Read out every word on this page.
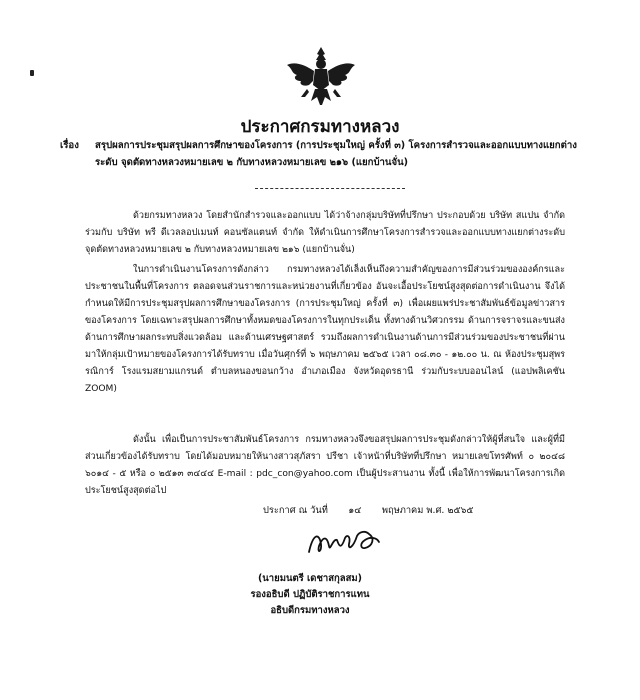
ประกาศกรมทางหลวง
เรื่อง สรุปผลการประชุมสรุปผลการศึกษาของโครงการ (การประชุมใหญ่ ครั้งที่ ๓) โครงการสำรวจและออกแบบทางแยกต่างระดับ จุดตัดทางหลวงหมายเลข ๒ กับทางหลวงหมายเลข ๒๑๖ (แยกบ้านจั่น)
ด้วยกรมทางหลวง โดยสำนักสำรวจและออกแบบ ได้ว่าจ้างกลุ่มบริษัทที่ปรึกษา ประกอบด้วย บริษัท สแปน จำกัด ร่วมกับ บริษัท พรี ดีเวลลอปเมนท์ คอนซัลแตนท์ จำกัด ให้ดำเนินการศึกษาโครงการสำรวจและออกแบบทางแยกต่างระดับ จุดตัดทางหลวงหมายเลข ๒ กับทางหลวงหมายเลข ๒๑๖ (แยกบ้านจั่น)
ในการดำเนินงานโครงการดังกล่าว กรมทางหลวงได้เล็งเห็นถึงความสำคัญของการมีส่วนร่วมขององค์กรและประชาชนในพื้นที่โครงการ ตลอดจนส่วนราชการและหน่วยงานที่เกี่ยวข้อง อันจะเอื้อประโยชน์สูงสุดต่อการดำเนินงาน จึงได้กำหนดให้มีการประชุมสรุปผลการศึกษาของโครงการ (การประชุมใหญ่ ครั้งที่ ๓) เพื่อเผยแพร่ประชาสัมพันธ์ข้อมูลข่าวสารของโครงการ โดยเฉพาะสรุปผลการศึกษาทั้งหมดของโครงการในทุกประเด็น ทั้งทางด้านวิศวกรรม ด้านการจราจรและขนส่ง ด้านการศึกษาผลกระทบสิ่งแวดล้อม และด้านเศรษฐศาสตร์ รวมถึงผลการดำเนินงานด้านการมีส่วนร่วมของประชาชนที่ผ่านมาให้กลุ่มเป้าหมายของโครงการได้รับทราบ เมื่อวันศุกร์ที่ ๖ พฤษภาคม ๒๕๖๕ เวลา ๐๘.๓๐ - ๑๒.๐๐ น. ณ ห้องประชุมสุพรรณิการ์ โรงแรมสยามแกรนด์ ตำบลหนองขอนกว้าง อำเภอเมือง จังหวัดอุดรธานี ร่วมกับระบบออนไลน์ (แอปพลิเคชัน ZOOM)
ดังนั้น เพื่อเป็นการประชาสัมพันธ์โครงการ กรมทางหลวงจึงขอสรุปผลการประชุมดังกล่าวให้ผู้ที่สนใจ และผู้ที่มีส่วนเกี่ยวข้องได้รับทราบ โดยได้มอบหมายให้นางสาวสุภัสรา ปรีชา เจ้าหน้าที่บริษัทที่ปรึกษา หมายเลขโทรศัพท์ ๐ ๒๐๔๘ ๖๐๑๔ - ๕ หรือ ๐ ๒๕๑๓ ๓๔๔๔ E-mail : pdc_con@yahoo.com เป็นผู้ประสานงาน ทั้งนี้ เพื่อให้การพัฒนาโครงการเกิดประโยชน์สูงสุดต่อไป
ประกาศ ณ วันที่ ๑๔ พฤษภาคม พ.ศ. ๒๕๖๕
(นายมนตรี เดชาสกุลสม)
รองอธิบดี ปฏิบัติราชการแทน
อธิบดีกรมทางหลวง
